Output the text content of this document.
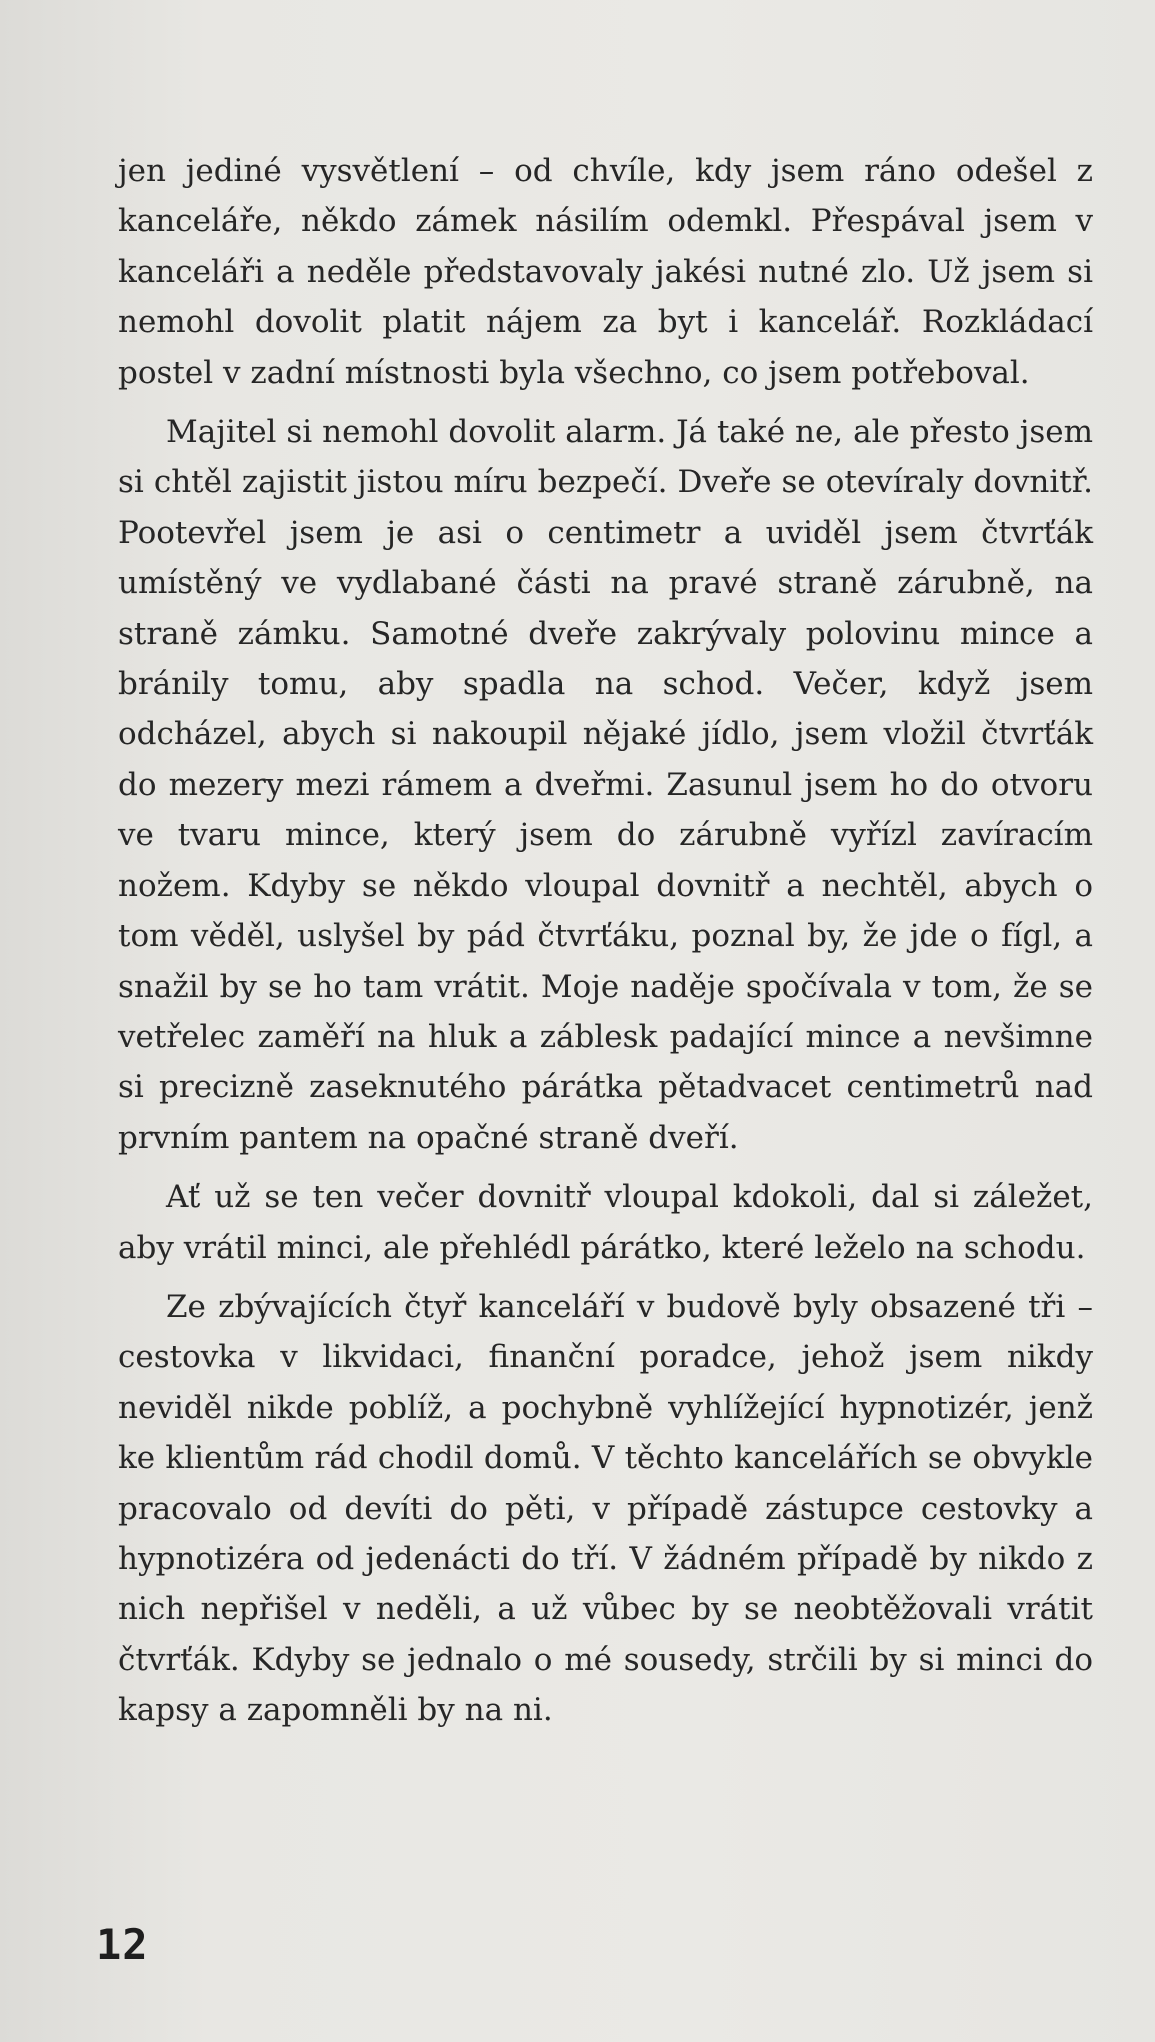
jen jediné vysvětlení – od chvíle, kdy jsem ráno odešel z kanceláře, někdo zámek násilím odemkl. Přespával jsem v kanceláři a neděle představovaly jakési nutné zlo. Už jsem si nemohl dovolit platit nájem za byt i kancelář. Rozkládací postel v zadní místnosti byla všechno, co jsem potřeboval.

Majitel si nemohl dovolit alarm. Já také ne, ale přesto jsem si chtěl zajistit jistou míru bezpečí. Dveře se otevíraly dovnitř. Pootevřel jsem je asi o centimetr a uviděl jsem čtvrťák umístěný ve vydlabané části na pravé straně zárubně, na straně zámku. Samotné dveře zakrývaly polovinu mince a bránily tomu, aby spadla na schod. Večer, když jsem odcházel, abych si nakoupil nějaké jídlo, jsem vložil čtvrťák do mezery mezi rámem a dveřmi. Zasunul jsem ho do otvoru ve tvaru mince, který jsem do zárubně vyřízl zavíracím nožem. Kdyby se někdo vloupal dovnitř a nechtěl, abych o tom věděl, uslyšel by pád čtvrťáku, poznal by, že jde o fígl, a snažil by se ho tam vrátit. Moje naděje spočívala v tom, že se vetřelec zaměří na hluk a záblesk padající mince a nevšimne si precizně zaseknutého párátka pětadvacet centimetrů nad prvním pantem na opačné straně dveří.

Ať už se ten večer dovnitř vloupal kdokoli, dal si záležet, aby vrátil minci, ale přehlédl párátko, které leželo na schodu.

Ze zbývajících čtyř kanceláří v budově byly obsazené tři – cestovka v likvidaci, finanční poradce, jehož jsem nikdy neviděl nikde poblíž, a pochybně vyhlížející hypnotizér, jenž ke klientům rád chodil domů. V těchto kancelářích se obvykle pracovalo od devíti do pěti, v případě zástupce cestovky a hypnotizéra od jedenácti do tří. V žádném případě by nikdo z nich nepřišel v neděli, a už vůbec by se neobtěžovali vrátit čtvrťák. Kdyby se jednalo o mé sousedy, strčili by si minci do kapsy a zapomněli by na ni.

12
